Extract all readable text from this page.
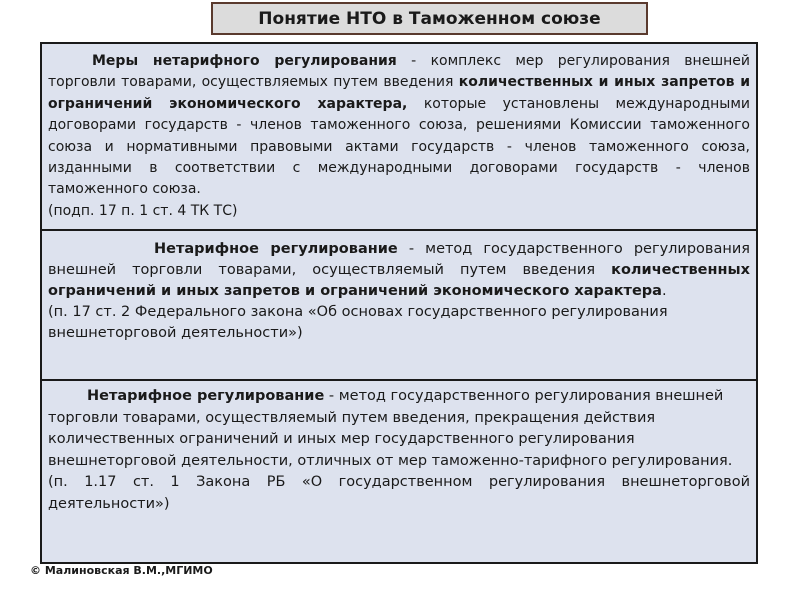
Понятие НТО в Таможенном союзе

Меры нетарифного регулирования - комплекс мер регулирования внешней торговли товарами, осуществляемых путем введения количественных и иных запретов и ограничений экономического характера, которые установлены международными договорами государств - членов таможенного союза, решениями Комиссии таможенного союза и нормативными правовыми актами государств - членов таможенного союза, изданными в соответствии с международными договорами государств - членов таможенного союза.

(подп. 17 п. 1 ст. 4 ТК ТС)

Нетарифное регулирование - метод государственного регулирования внешней торговли товарами, осуществляемый путем введения количественных ограничений и иных запретов и ограничений экономического характера.

(п. 17 ст. 2 Федерального закона «Об основах государственного регулирования внешнеторговой деятельности»)

Нетарифное регулирование - метод государственного регулирования внешней торговли товарами, осуществляемый путем введения, прекращения действия количественных ограничений и иных мер государственного регулирования внешнеторговой деятельности, отличных от мер таможенно-тарифного регулирования.

(п. 1.17 ст. 1 Закона РБ «О государственном регулирования внешнеторговой деятельности»)

© Малиновская В.М.,МГИМО
